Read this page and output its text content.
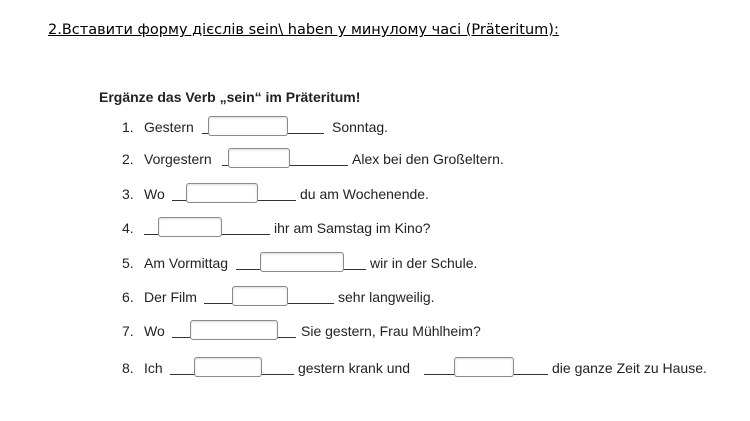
2.Вставити форму дієслів sein\ haben у минулому часі (Präteritum):
Ergänze das Verb „sein“ im Präteritum!
1. Gestern	Sonntag.
2. Vorgestern	Alex bei den Großeltern.
3. Wo	du am Wochenende.
4.	ihr am Samstag im Kino?
5. Am Vormittag	wir in der Schule.
6. Der Film	sehr langweilig.
7. Wo	Sie gestern, Frau Mühlheim?
8. Ich	gestern krank und	die ganze Zeit zu Hause.
